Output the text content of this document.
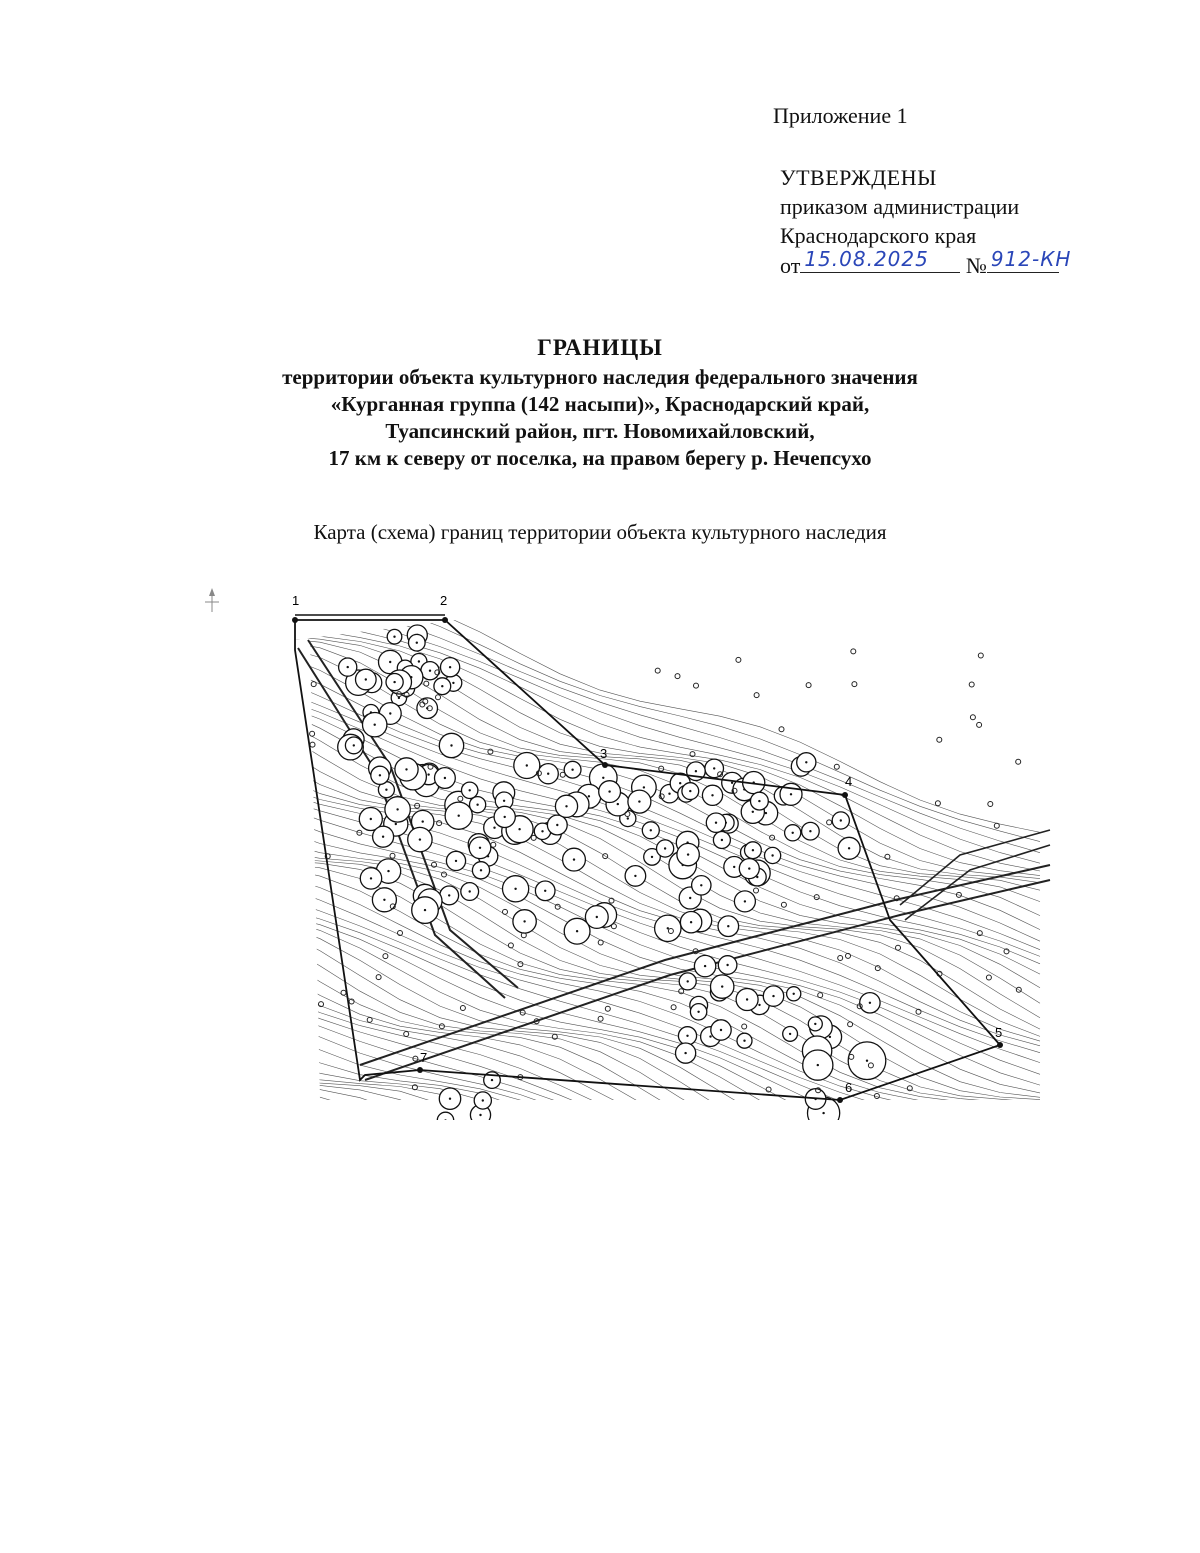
Приложение 1
УТВЕРЖДЕНЫ
приказом администрации
Краснодарского края
от 15.08.2025 № 912-КН
ГРАНИЦЫ
территории объекта культурного наследия федерального значения
«Курганная группа (142 насыпи)», Краснодарский край,
Туапсинский район, пгт. Новомихайловский,
17 км к северу от поселка, на правом берегу р. Нечепсухо
Карта (схема) границ территории объекта культурного наследия
1	2
3
4
5
6
7
